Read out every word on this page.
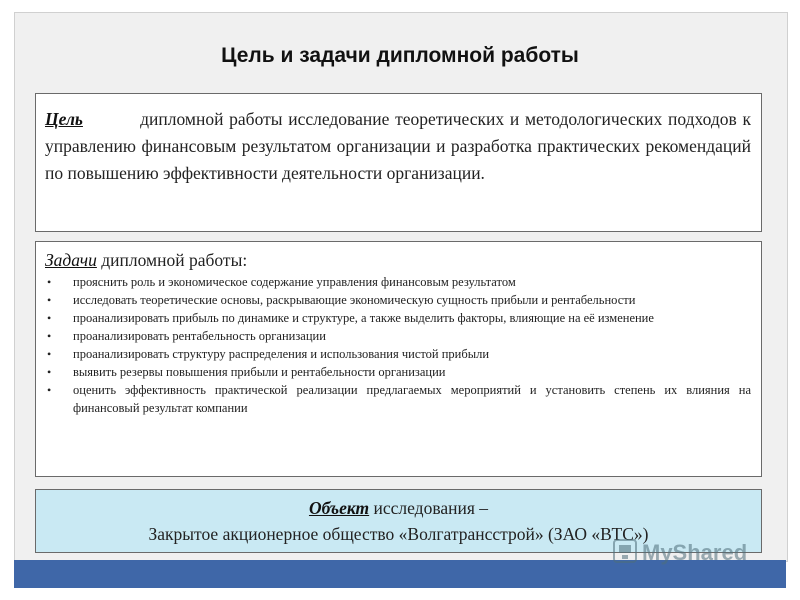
Цель и задачи дипломной работы
Цель	дипломной работы исследование теоретических и методологических подходов к управлению финансовым результатом организации и разработка практических рекомендаций по повышению эффективности деятельности организации.
Задачи дипломной работы:
• прояснить роль и экономическое содержание управления финансовым результатом
• исследовать теоретические основы, раскрывающие экономическую сущность прибыли и рентабельности
• проанализировать прибыль по динамике и структуре, а также выделить факторы, влияющие на её изменение
• проанализировать рентабельность организации
• проанализировать структуру распределения и использования чистой прибыли
• выявить резервы повышения прибыли и рентабельности организации
• оценить эффективность практической реализации предлагаемых мероприятий и установить степень их влияния на финансовый результат компании
Объект исследования –
Закрытое акционерное общество «Волгатрансстрой» (ЗАО «ВТС»)
MyShared
